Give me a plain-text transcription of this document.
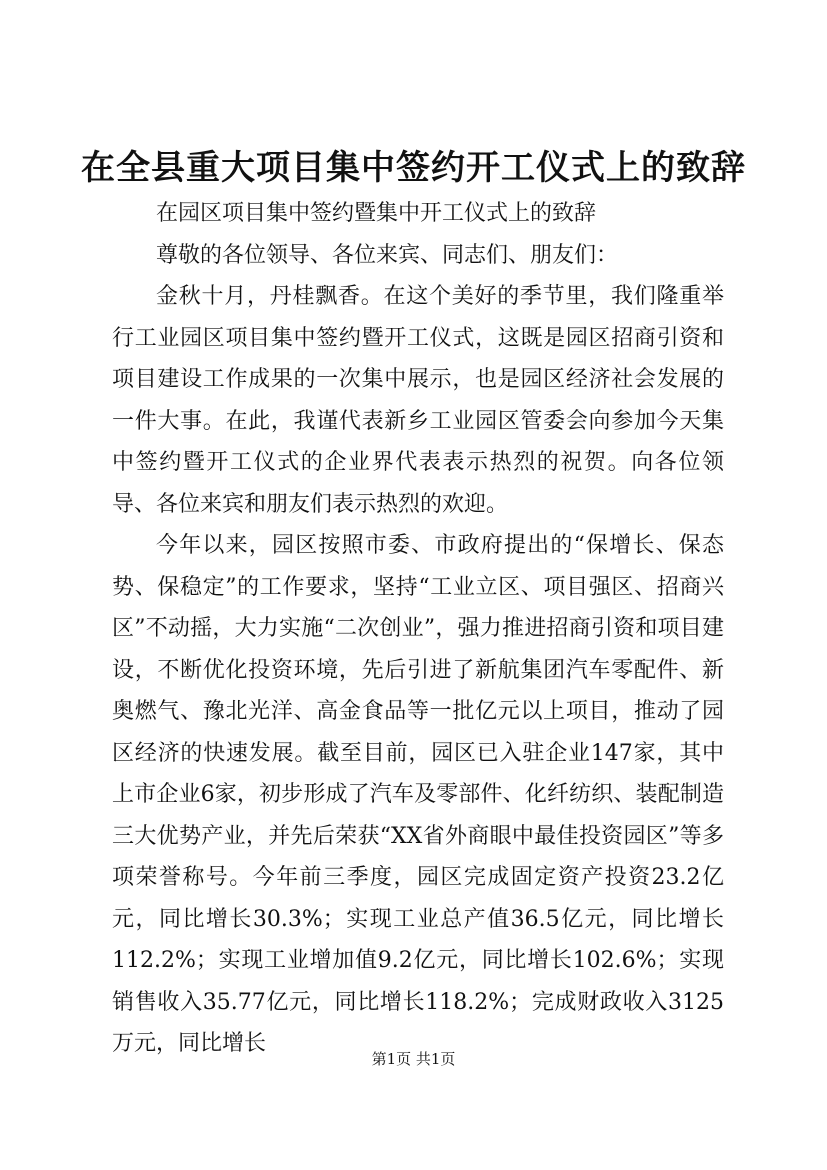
在全县重大项目集中签约开工仪式上的致辞

在园区项目集中签约暨集中开工仪式上的致辞

尊敬的各位领导、各位来宾、同志们、朋友们：

金秋十月，丹桂飘香。在这个美好的季节里，我们隆重举行工业园区项目集中签约暨开工仪式，这既是园区招商引资和项目建设工作成果的一次集中展示，也是园区经济社会发展的一件大事。在此，我谨代表新乡工业园区管委会向参加今天集中签约暨开工仪式的企业界代表表示热烈的祝贺。向各位领导、各位来宾和朋友们表示热烈的欢迎。

今年以来，园区按照市委、市政府提出的“保增长、保态势、保稳定”的工作要求，坚持“工业立区、项目强区、招商兴区”不动摇，大力实施“二次创业”，强力推进招商引资和项目建设，不断优化投资环境，先后引进了新航集团汽车零配件、新奥燃气、豫北光洋、高金食品等一批亿元以上项目，推动了园区经济的快速发展。截至目前，园区已入驻企业147家，其中上市企业6家，初步形成了汽车及零部件、化纤纺织、装配制造三大优势产业，并先后荣获“XX省外商眼中最佳投资园区”等多项荣誉称号。今年前三季度，园区完成固定资产投资23.2亿元，同比增长30.3%；实现工业总产值36.5亿元，同比增长112.2%；实现工业增加值9.2亿元，同比增长102.6%；实现销售收入35.77亿元，同比增长118.2%；完成财政收入3125万元，同比增长

第1页 共1页
